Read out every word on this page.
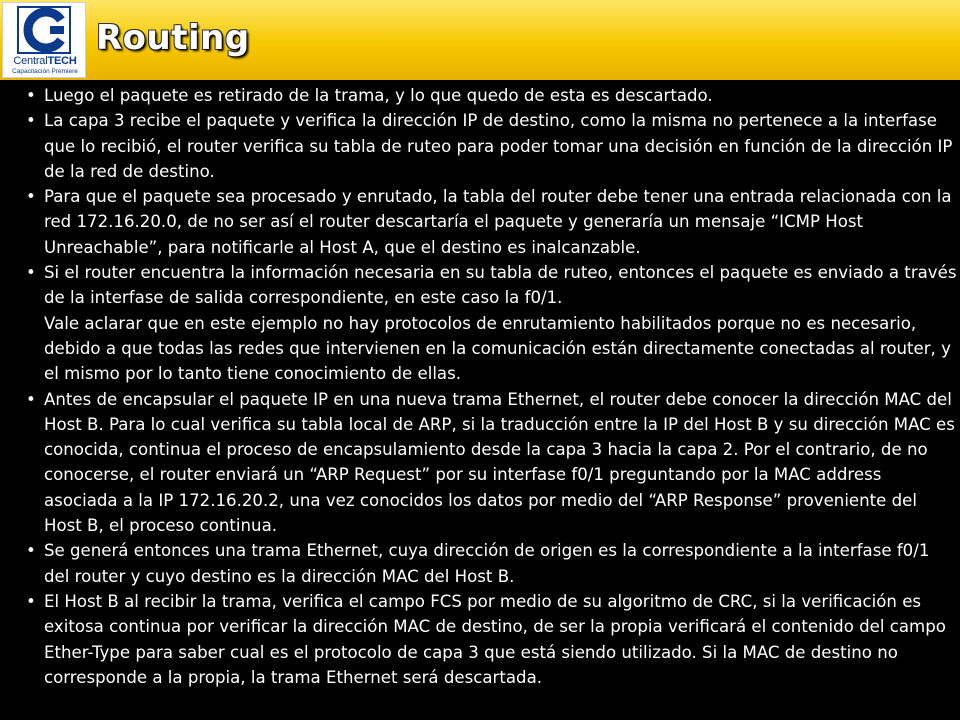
CentralTECH
Capacitación Premiere
Routing
• Luego el paquete es retirado de la trama, y lo que quedo de esta es descartado.
• La capa 3 recibe el paquete y verifica la dirección IP de destino, como la misma no pertenece a la interfase que lo recibió, el router verifica su tabla de ruteo para poder tomar una decisión en función de la dirección IP de la red de destino.
• Para que el paquete sea procesado y enrutado, la tabla del router debe tener una entrada relacionada con la red 172.16.20.0, de no ser así el router descartaría el paquete y generaría un mensaje “ICMP Host Unreachable”, para notificarle al Host A, que el destino es inalcanzable.
• Si el router encuentra la información necesaria en su tabla de ruteo, entonces el paquete es enviado a través de la interfase de salida correspondiente, en este caso la f0/1.
Vale aclarar que en este ejemplo no hay protocolos de enrutamiento habilitados porque no es necesario, debido a que todas las redes que intervienen en la comunicación están directamente conectadas al router, y el mismo por lo tanto tiene conocimiento de ellas.
• Antes de encapsular el paquete IP en una nueva trama Ethernet, el router debe conocer la dirección MAC del Host B. Para lo cual verifica su tabla local de ARP, si la traducción entre la IP del Host B y su dirección MAC es conocida, continua el proceso de encapsulamiento desde la capa 3 hacia la capa 2. Por el contrario, de no conocerse, el router enviará un “ARP Request” por su interfase f0/1 preguntando por la MAC address asociada a la IP 172.16.20.2, una vez conocidos los datos por medio del “ARP Response” proveniente del Host B, el proceso continua.
• Se generá entonces una trama Ethernet, cuya dirección de origen es la correspondiente a la interfase f0/1 del router y cuyo destino es la dirección MAC del Host B.
• El Host B al recibir la trama, verifica el campo FCS por medio de su algoritmo de CRC, si la verificación es exitosa continua por verificar la dirección MAC de destino, de ser la propia verificará el contenido del campo Ether-Type para saber cual es el protocolo de capa 3 que está siendo utilizado. Si la MAC de destino no corresponde a la propia, la trama Ethernet será descartada.
